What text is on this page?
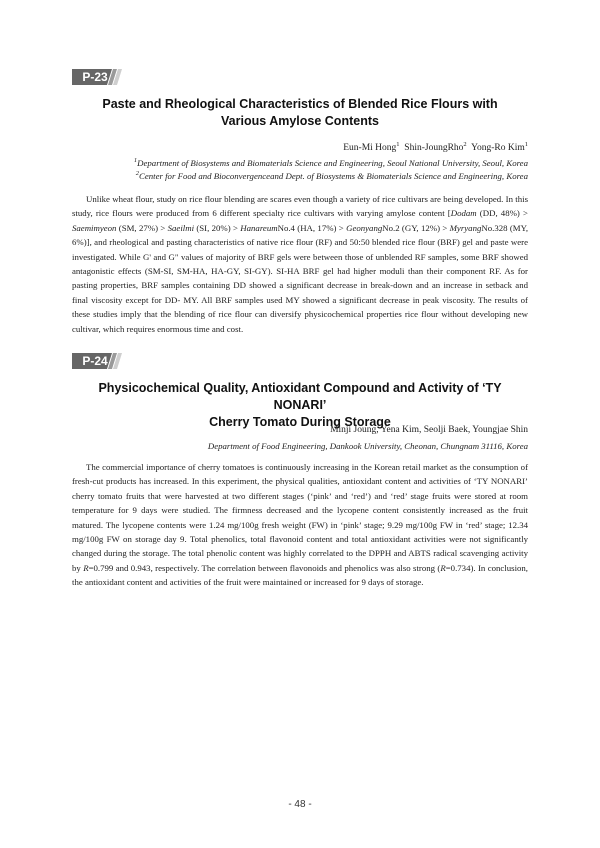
P-23
Paste and Rheological Characteristics of Blended Rice Flours with
Various Amylose Contents
Eun-Mi Hong$^1$ Shin-JoungRho$^2$ Yong-Ro Kim$^1$
$^1$Department of Biosystems and Biomaterials Science and Engineering, Seoul National University, Seoul, Korea
$^2$Center for Food and Bioconvergenceand Dept. of Biosystems & Biomaterials Science and Engineering, Korea

Unlike wheat flour, study on rice flour blending are scares even though a variety of rice cultivars are being developed. In this study, rice flours were produced from 6 different specialty rice cultivars with varying amylose content [Dodam (DD, 48%) > Saemimyeon (SM, 27%) > Saeilmi (SI, 20%) > HanareumNo.4 (HA, 17%) > GeonyangNo.2 (GY, 12%) > MyryangNo.328 (MY, 6%)], and rheological and pasting characteristics of native rice flour (RF) and 50:50 blended rice flour (BRF) gel and paste were investigated. While G' and G" values of majority of BRF gels were between those of unblended RF samples, some BRF showed antagonistic effects (SM-SI, SM-HA, HA-GY, SI-GY). SI-HA BRF gel had higher moduli than their component RF. As for pasting properties, BRF samples containing DD showed a significant decrease in break-down and an increase in setback and final viscosity except for DD- MY. All BRF samples used MY showed a significant decrease in peak viscosity. The results of these studies imply that the blending of rice flour can diversify physicochemical properties rice flour without developing new cultivar, which requires enormous time and cost.

P-24
Physicochemical Quality, Antioxidant Compound and Activity of ‘TY NONARI’
Cherry Tomato During Storage
Minji Joung, Yena Kim, Seolji Baek, Youngjae Shin
Department of Food Engineering, Dankook University, Cheonan, Chungnam 31116, Korea

The commercial importance of cherry tomatoes is continuously increasing in the Korean retail market as the consumption of fresh-cut products has increased. In this experiment, the physical qualities, antioxidant content and activities of ‘TY NONARI’ cherry tomato fruits that were harvested at two different stages (‘pink’ and ‘red’) and ‘red’ stage fruits were stored at room temperature for 9 days were studied. The firmness decreased and the lycopene content consistently increased as the fruit matured. The lycopene contents were 1.24 mg/100g fresh weight (FW) in ‘pink’ stage; 9.29 mg/100g FW in ‘red’ stage; 12.34 mg/100g FW on storage day 9. Total phenolics, total flavonoid content and total antioxidant activities were not significantly changed during the storage. The total phenolic content was highly correlated to the DPPH and ABTS radical scavenging activity by R=0.799 and 0.943, respectively. The correlation between flavonoids and phenolics was also strong (R=0.734). In conclusion, the antioxidant content and activities of the fruit were maintained or increased for 9 days of storage.

- 48 -
